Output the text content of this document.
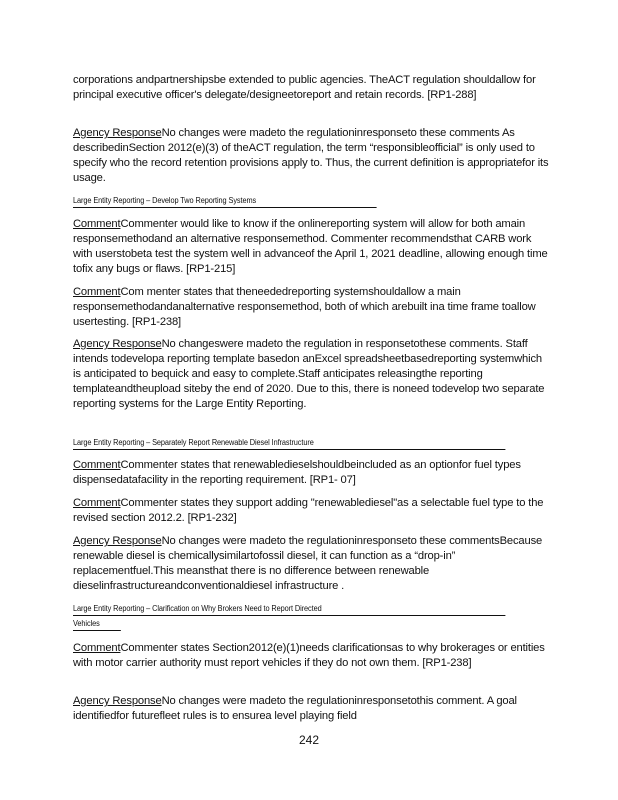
corporations andpartnershipsbe extended to public agencies. TheACT regulation shouldallow for principal executive officer's delegate/designeetoreport and retain records. [RP1-288]
Agency ResponseNo changes were madeto the regulationinresponseto these comments As describedinSection 2012(e)(3) of theACT regulation, the term “responsibleofficial” is only used to specify who the record retention provisions apply to. Thus, the current definition is appropriatefor its usage.
Large Entity Reporting – Develop Two Reporting Systems
CommentCommenter would like to know if the onlinereporting system will allow for both amain responsemethodand an alternative responsemethod. Commenter recommendsthat CARB work with userstobeta test the system well in advanceof the April 1, 2021 deadline, allowing enough time tofix any bugs or flaws. [RP1-215]
CommentCom menter states that theneededreporting systemshouldallow a main responsemethodandanalternative responsemethod, both of which arebuilt ina time frame toallow usertesting. [RP1-238]
Agency ResponseNo changeswere madeto the regulation in responsetothese comments. Staff intends todevelopa reporting template basedon anExcel spreadsheetbasedreporting systemwhich is anticipated to bequick and easy to complete.Staff anticipates releasingthe reporting templateandtheupload siteby the end of 2020. Due to this, there is noneed todevelop two separate reporting systems for the Large Entity Reporting.
Large Entity Reporting – Separately Report Renewable Diesel Infrastructure
CommentCommenter states that renewabledieselshouldbeincluded as an optionfor fuel types dispensedatafacility in the reporting requirement. [RP1- 07]
CommentCommenter states they support adding "renewablediesel"as a selectable fuel type to the revised section 2012.2. [RP1-232]
Agency ResponseNo changes were madeto the regulationinresponseto these commentsBecause renewable diesel is chemicallysimilartofossil diesel, it can function as a “drop-in” replacementfuel.This meansthat there is no difference between renewable dieselinfrastructureandconventionaldiesel infrastructure .
Large Entity Reporting – Clarification on Why Brokers Need to Report Directed
Vehicles
CommentCommenter states Section2012(e)(1)needs clarificationsas to why brokerages or entities with motor carrier authority must report vehicles if they do not own them. [RP1-238]
Agency ResponseNo changes were madeto the regulationinresponsetothis comment. A goal identifiedfor futurefleet rules is to ensurea level playing field
242
